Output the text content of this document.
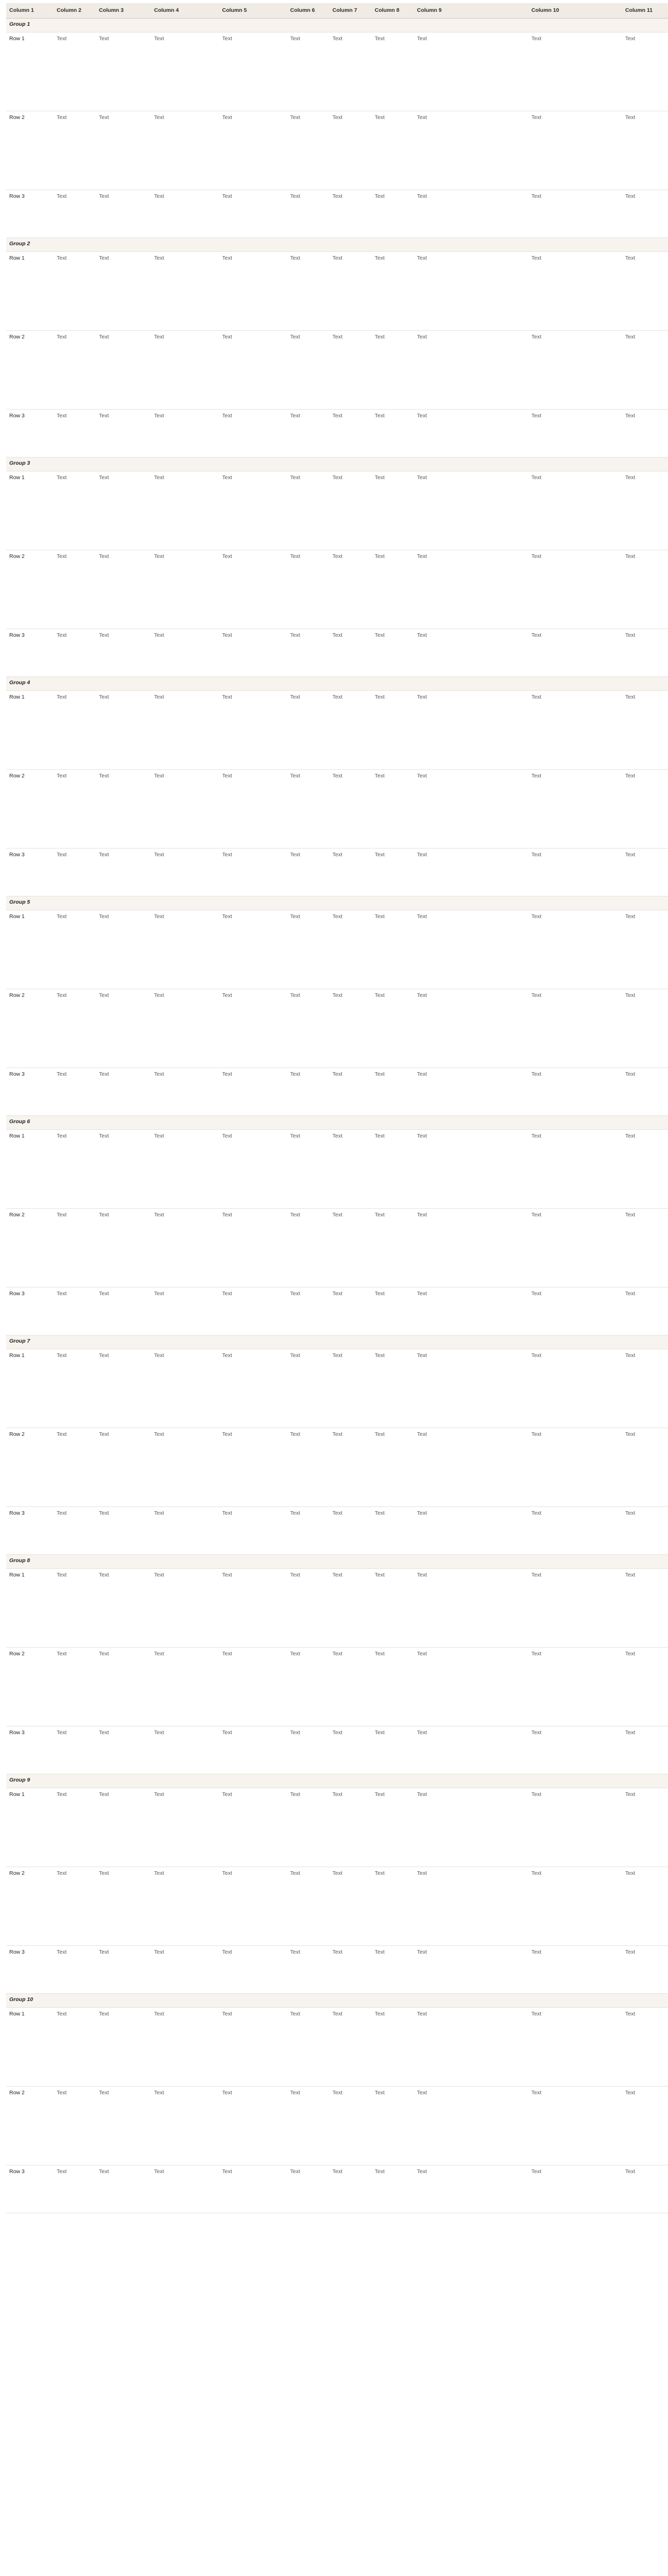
Column 1	Column 2	Column 3	Column 4	Column 5	Column 6	Column 7	Column 8	Column 9	Column 10	Column 11
Group 1										
Row 1	Text	Text	Text	Text	Text	Text	Text	Text	Text	Text
Row 2	Text	Text	Text	Text	Text	Text	Text	Text	Text	Text
Row 3	Text	Text	Text	Text	Text	Text	Text	Text	Text	Text
Group 2										
Row 1	Text	Text	Text	Text	Text	Text	Text	Text	Text	Text
Row 2	Text	Text	Text	Text	Text	Text	Text	Text	Text	Text
Row 3	Text	Text	Text	Text	Text	Text	Text	Text	Text	Text
Group 3										
Row 1	Text	Text	Text	Text	Text	Text	Text	Text	Text	Text
Row 2	Text	Text	Text	Text	Text	Text	Text	Text	Text	Text
Row 3	Text	Text	Text	Text	Text	Text	Text	Text	Text	Text
Group 4										
Row 1	Text	Text	Text	Text	Text	Text	Text	Text	Text	Text
Row 2	Text	Text	Text	Text	Text	Text	Text	Text	Text	Text
Row 3	Text	Text	Text	Text	Text	Text	Text	Text	Text	Text
Group 5										
Row 1	Text	Text	Text	Text	Text	Text	Text	Text	Text	Text
Row 2	Text	Text	Text	Text	Text	Text	Text	Text	Text	Text
Row 3	Text	Text	Text	Text	Text	Text	Text	Text	Text	Text
Group 6										
Row 1	Text	Text	Text	Text	Text	Text	Text	Text	Text	Text
Row 2	Text	Text	Text	Text	Text	Text	Text	Text	Text	Text
Row 3	Text	Text	Text	Text	Text	Text	Text	Text	Text	Text
Group 7										
Row 1	Text	Text	Text	Text	Text	Text	Text	Text	Text	Text
Row 2	Text	Text	Text	Text	Text	Text	Text	Text	Text	Text
Row 3	Text	Text	Text	Text	Text	Text	Text	Text	Text	Text
Group 8										
Row 1	Text	Text	Text	Text	Text	Text	Text	Text	Text	Text
Row 2	Text	Text	Text	Text	Text	Text	Text	Text	Text	Text
Row 3	Text	Text	Text	Text	Text	Text	Text	Text	Text	Text
Group 9										
Row 1	Text	Text	Text	Text	Text	Text	Text	Text	Text	Text
Row 2	Text	Text	Text	Text	Text	Text	Text	Text	Text	Text
Row 3	Text	Text	Text	Text	Text	Text	Text	Text	Text	Text
Group 10										
Row 1	Text	Text	Text	Text	Text	Text	Text	Text	Text	Text
Row 2	Text	Text	Text	Text	Text	Text	Text	Text	Text	Text
Row 3	Text	Text	Text	Text	Text	Text	Text	Text	Text	Text
